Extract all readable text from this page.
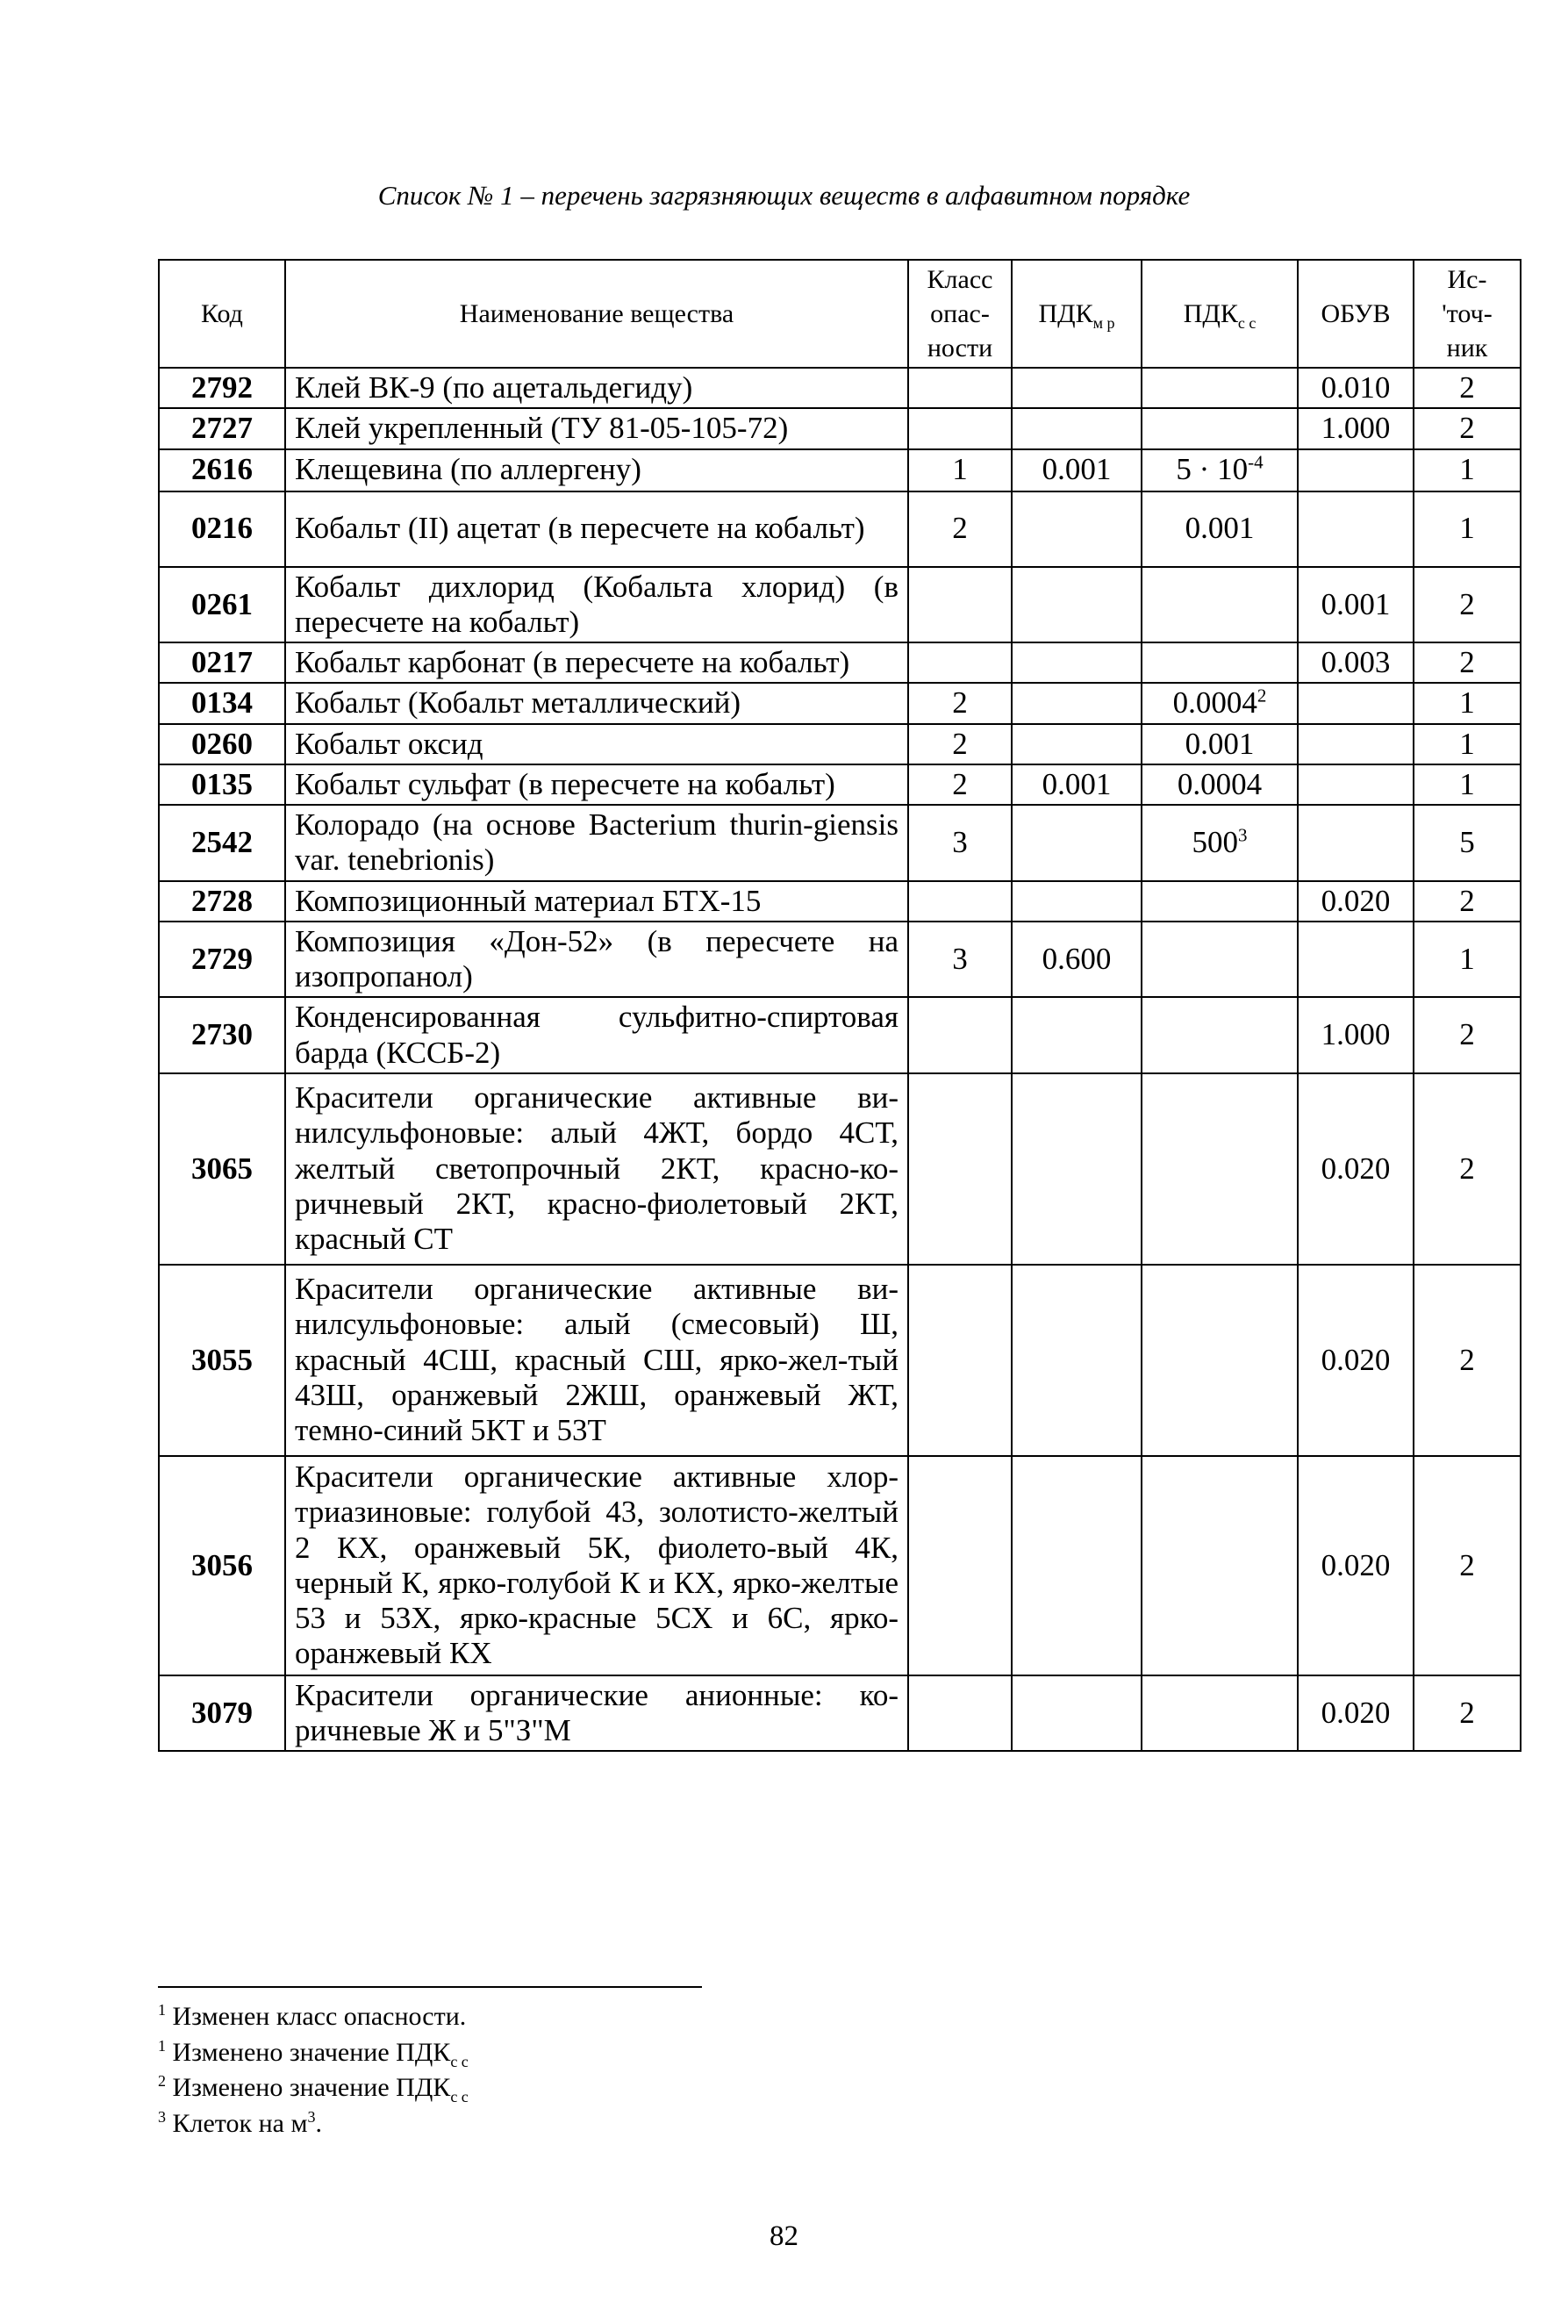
Список № 1 – перечень загрязняющих веществ в алфавитном порядке
Код	Наименование вещества	Класс опас-ности	$ПДК_{м р}$	$ПДК_{с с}$	ОБУВ	Ис-'точ-ник
2792	Клей ВК-9 (по ацетальдегиду)				0.010	2
2727	Клей укрепленный (ТУ 81-05-105-72)				1.000	2
2616	Клещевина (по аллергену)	1	0.001	$5 \cdot 10^{-4}$		1
0216	Кобальт (II) ацетат (в пересчете на кобальт)	2		0.001		1
0261	Кобальт дихлорид (Кобальта хлорид) (в пересчете на кобальт)				0.001	2
0217	Кобальт карбонат (в пересчете на кобальт)				0.003	2
0134	Кобальт (Кобальт металлический)	2		0.0004$^2$		1
0260	Кобальт оксид	2		0.001		1
0135	Кобальт сульфат (в пересчете на кобальт)	2	0.001	0.0004		1
2542	Колорадо (на основе Bacterium thurin-giensis var. tenebrionis)	3		$500^3$		5
2728	Композиционный материал БТХ-15				0.020	2
2729	Композиция «Дон-52» (в пересчете на изопропанол)	3	0.600			1
2730	Конденсированная сульфитно-спиртовая барда (КССБ-2)				1.000	2
3065	Красители органические активные ви-нилсульфоновые: алый 4ЖТ, бордо 4СТ, желтый светопрочный 2КТ, красно-ко-ричневый 2КТ, красно-фиолетовый 2КТ, красный СТ				0.020	2
3055	Красители органические активные ви-нилсульфоновые: алый (смесовый) Ш, красный 4СШ, красный СШ, ярко-жел-тый 43Ш, оранжевый 2ЖШ, оранжевый ЖТ, темно-синий 5КТ и 53Т				0.020	2
3056	Красители органические активные хлор-триазиновые: голубой 43, золотисто-желтый 2 КХ, оранжевый 5К, фиолето-вый 4К, черный К, ярко-голубой К и КХ, ярко-желтые 53 и 53Х, ярко-красные 5СХ и 6С, ярко-оранжевый КХ				0.020	2
3079	Красители органические анионные: ко-ричневые Ж и 5"З"М				0.020	2
$^1$ Изменен класс опасности.
$^1$ Изменено значение $ПДК_{с с}$
$^2$ Изменено значение $ПДК_{с с}$
$^3$ Клеток на $м^3$.
82
